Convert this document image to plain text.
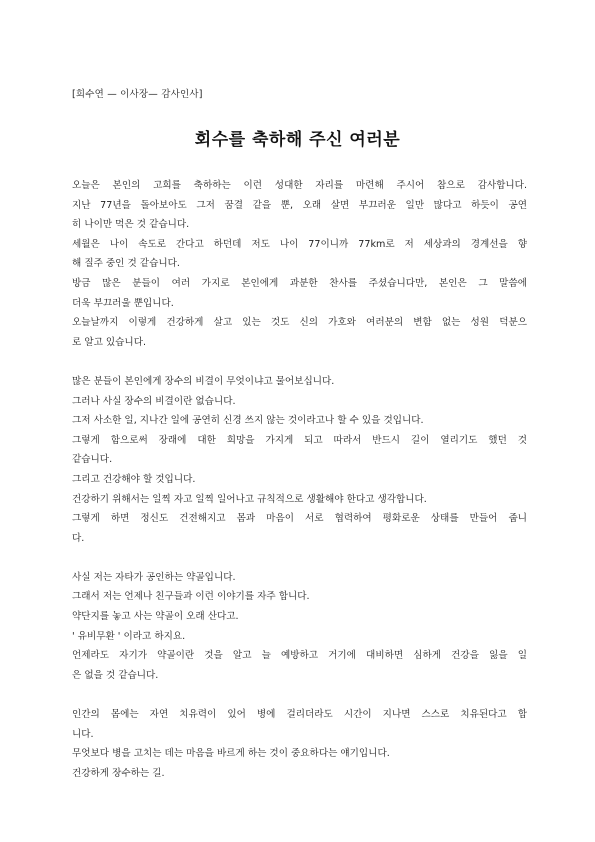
[희수연 — 이사장— 감사인사]
회수를 축하해 주신 여러분
오늘은 본인의 고희를 축하하는 이런 성대한 자리를 마련해 주시어 참으로 감사합니다.
지난 77년을 돌아보아도 그저 꿈결 같을 뿐, 오래 살면 부끄러운 일만 많다고 하듯이 공연
히 나이만 먹은 것 같습니다.
세월은 나이 속도로 간다고 하던데 저도 나이 77이니까 77km로 저 세상과의 경계선을 향
해 질주 중인 것 같습니다.
방금 많은 분들이 여러 가지로 본인에게 과분한 찬사를 주셨습니다만, 본인은 그 말씀에
더욱 부끄러울 뿐입니다.
오늘날까지 이렇게 건강하게 살고 있는 것도 신의 가호와 여러분의 변함 없는 성원 덕분으
로 알고 있습니다.
많은 분들이 본인에게 장수의 비결이 무엇이냐고 물어보십니다.
그러나 사실 장수의 비결이란 없습니다.
그저 사소한 일, 지나간 일에 공연히 신경 쓰지 않는 것이라고나 할 수 있을 것입니다.
그렇게 함으로써 장래에 대한 희망을 가지게 되고 따라서 반드시 길이 열리기도 했던 것
같습니다.
그리고 건강해야 할 것입니다.
건강하기 위해서는 일찍 자고 일찍 일어나고 규칙적으로 생활해야 한다고 생각합니다.
그렇게 하면 정신도 건전해지고 몸과 마음이 서로 협력하여 평화로운 상태를 만들어 줍니
다.
사실 저는 자타가 공인하는 약골입니다.
그래서 저는 언제나 친구들과 이런 이야기를 자주 합니다.
약단지를 놓고 사는 약골이 오래 산다고.
' 유비무환 ' 이라고 하지요.
언제라도 자기가 약골이란 것을 알고 늘 예방하고 거기에 대비하면 심하게 건강을 잃을 일
은 없을 것 같습니다.
인간의 몸에는 자연 치유력이 있어 병에 걸리더라도 시간이 지나면 스스로 치유된다고 합
니다.
무엇보다 병을 고치는 데는 마음을 바르게 하는 것이 중요하다는 얘기입니다.
건강하게 장수하는 길.
